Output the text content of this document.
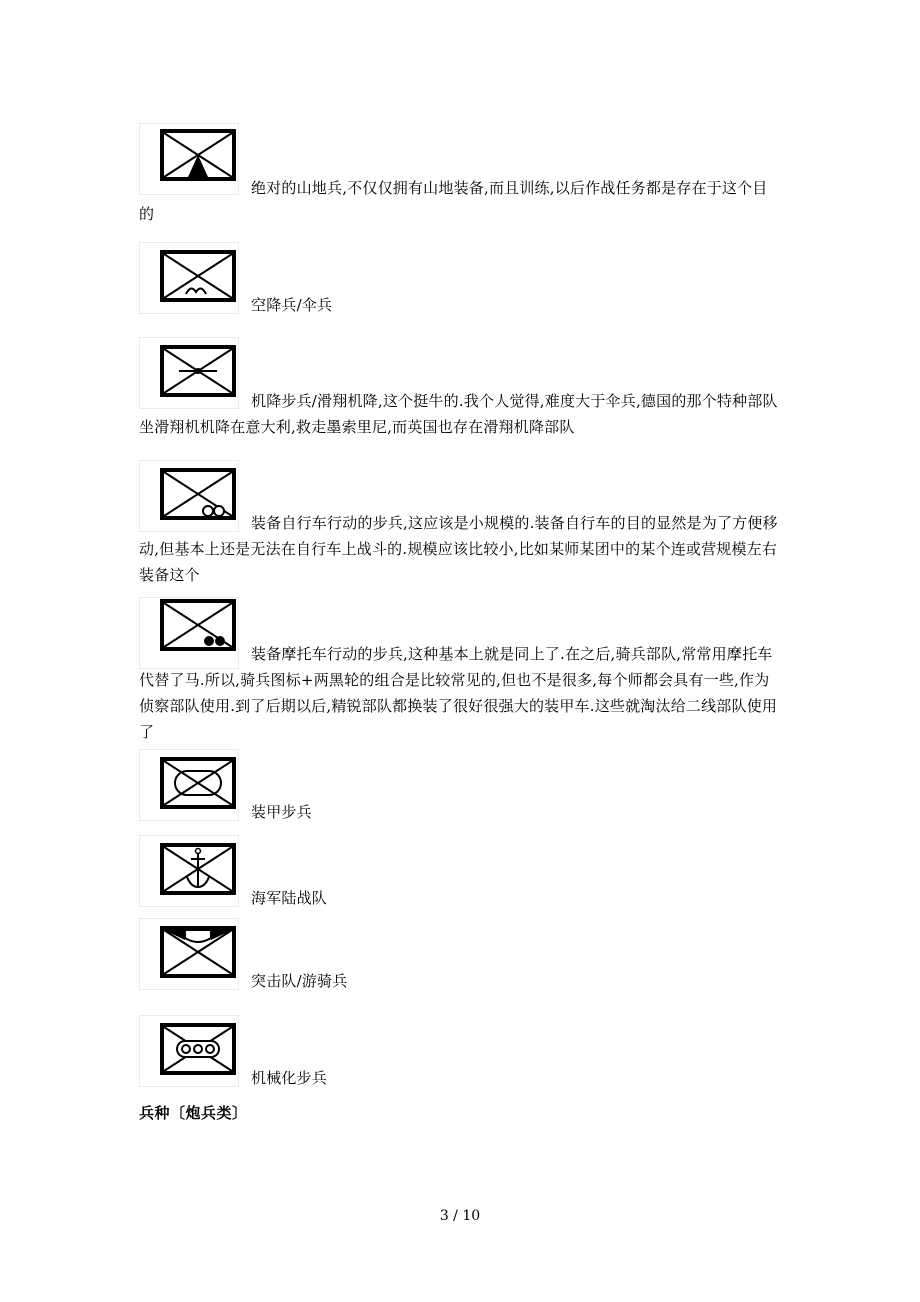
绝对的山地兵,不仅仅拥有山地装备,而且训练,以后作战任务都是存在于这个目的

空降兵/伞兵

机降步兵/滑翔机降,这个挺牛的.我个人觉得,难度大于伞兵,德国的那个特种部队坐滑翔机机降在意大利,救走墨索里尼,而英国也存在滑翔机降部队

装备自行车行动的步兵,这应该是小规模的.装备自行车的目的显然是为了方便移动,但基本上还是无法在自行车上战斗的.规模应该比较小,比如某师某团中的某个连或营规模左右装备这个

装备摩托车行动的步兵,这种基本上就是同上了.在之后,骑兵部队,常常用摩托车代替了马.所以,骑兵图标+两黑轮的组合是比较常见的,但也不是很多,每个师都会具有一些,作为侦察部队使用.到了后期以后,精锐部队都换装了很好很强大的装甲车.这些就淘汰给二线部队使用了

装甲步兵

海军陆战队

突击队/游骑兵

机械化步兵

兵种〔炮兵类〕

3 / 10
